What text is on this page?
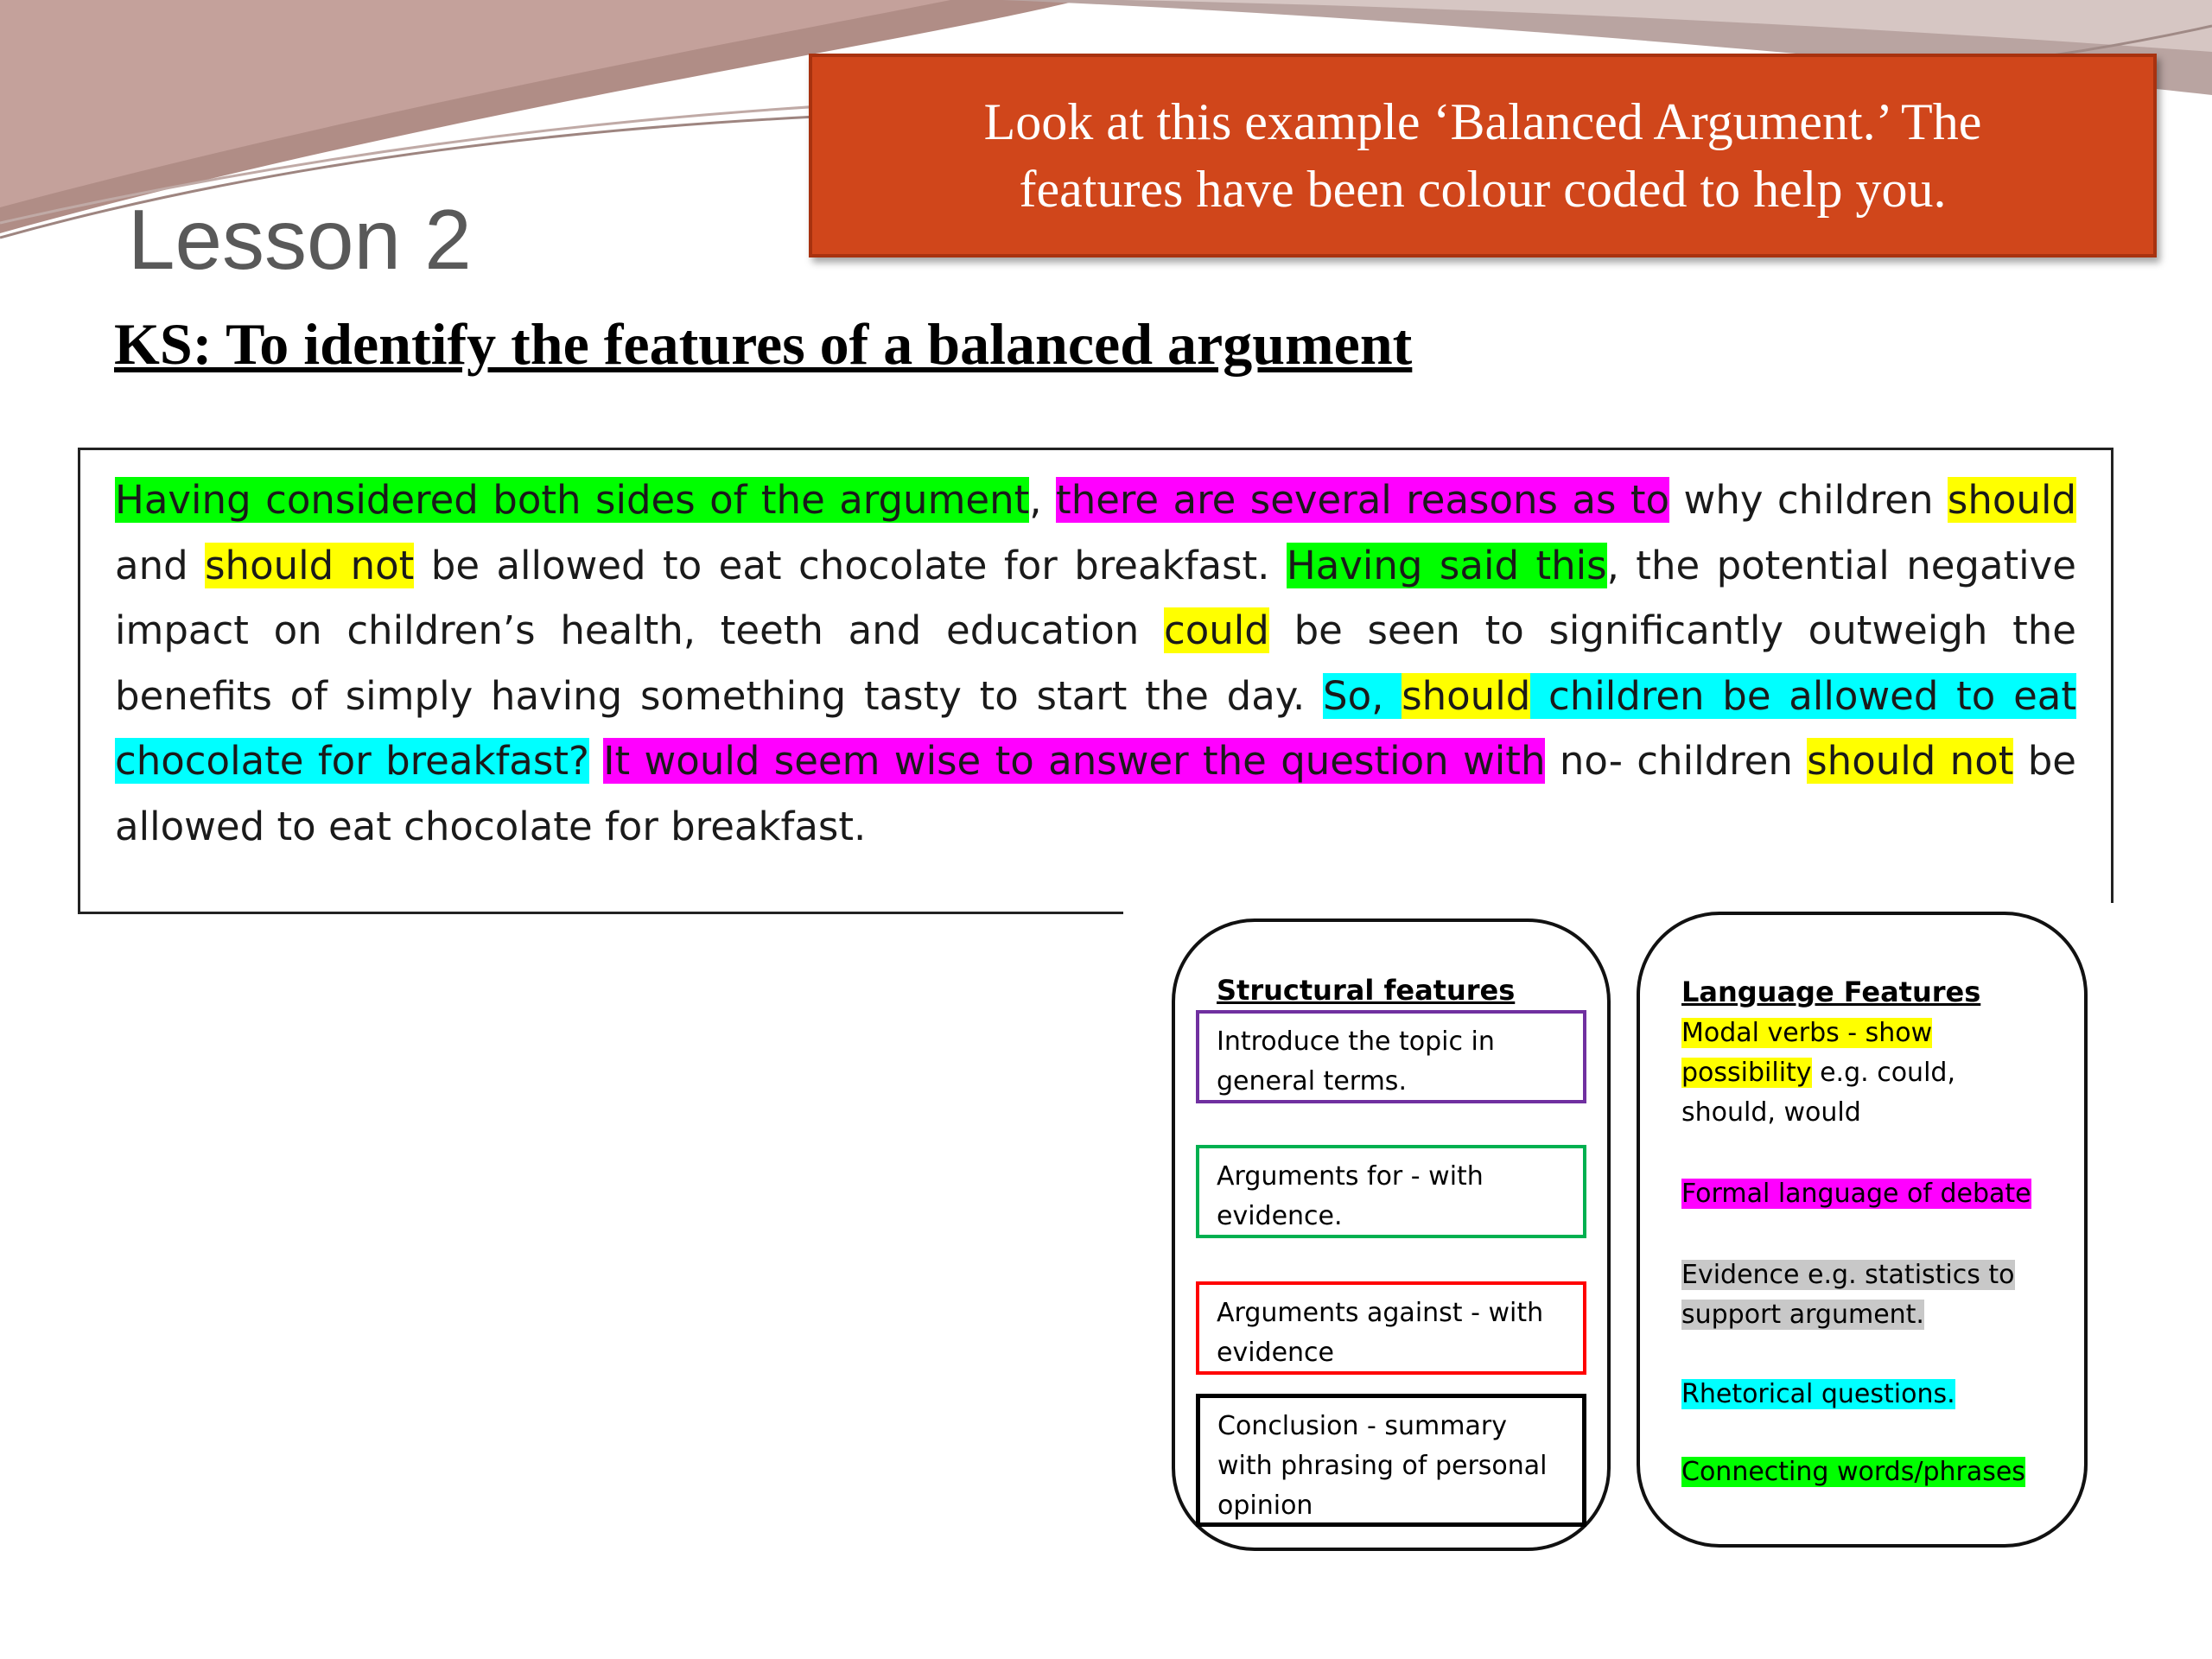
Look at this example ‘Balanced Argument.’ The
features have been colour coded to help you.
Lesson 2
KS: To identify the features of a balanced argument
Having considered both sides of the argument, there are several reasons as to why children should and should not be allowed to eat chocolate for breakfast. Having said this, the potential negative impact on children’s health, teeth and education could be seen to significantly outweigh the benefits of simply having something tasty to start the day. So, should children be allowed to eat chocolate for breakfast? It would seem wise to answer the question with no- children should not be allowed to eat chocolate for breakfast.
Structural features
Introduce the topic in general terms.
Arguments for - with evidence.
Arguments against - with evidence
Conclusion - summary with phrasing of personal opinion
Language Features
Modal verbs - show possibility e.g. could, should, would
Formal language of debate
Evidence e.g. statistics to support argument.
Rhetorical questions.
Connecting words/phrases
